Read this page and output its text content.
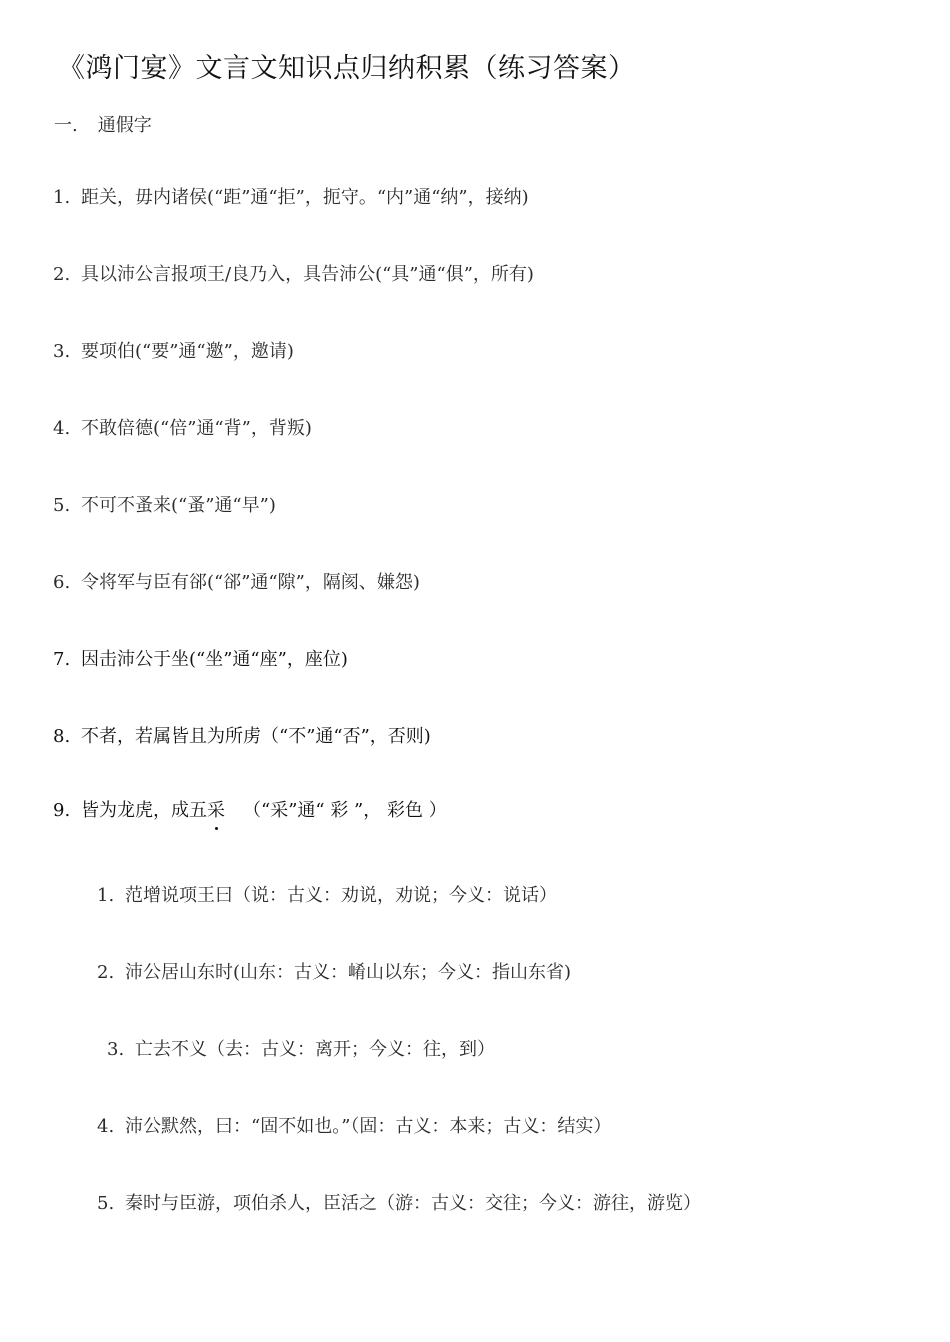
《鸿门宴》文言文知识点归纳积累（练习答案）
一. 通假字
1. 距关，毋内诸侯(“距”通“拒”，扼守。“内”通“纳”，接纳)
2. 具以沛公言报项王/良乃入，具告沛公(“具”通“俱”，所有)
3. 要项伯(“要”通“邀”，邀请)
4. 不敢倍德(“倍”通“背”，背叛)
5. 不可不蚤来(“蚤”通“早”)
6. 令将军与臣有郤(“郤”通“隙”，隔阂、嫌怨)
7. 因击沛公于坐(“坐”通“座”，座位)
8. 不者，若属皆且为所虏（“不”通“否”，否则)
9. 皆为龙虎，成五采 （“采”通“ 彩 ”， 彩色 ）
1. 范增说项王曰（说：古义：劝说，劝说；今义：说话）
2. 沛公居山东时(山东：古义：崤山以东；今义：指山东省)
3. 亡去不义（去：古义：离开；今义：往，到）
4. 沛公默然，曰：“固不如也。”（固：古义：本来；古义：结实）
5. 秦时与臣游，项伯杀人，臣活之（游：古义：交往；今义：游往，游览）
